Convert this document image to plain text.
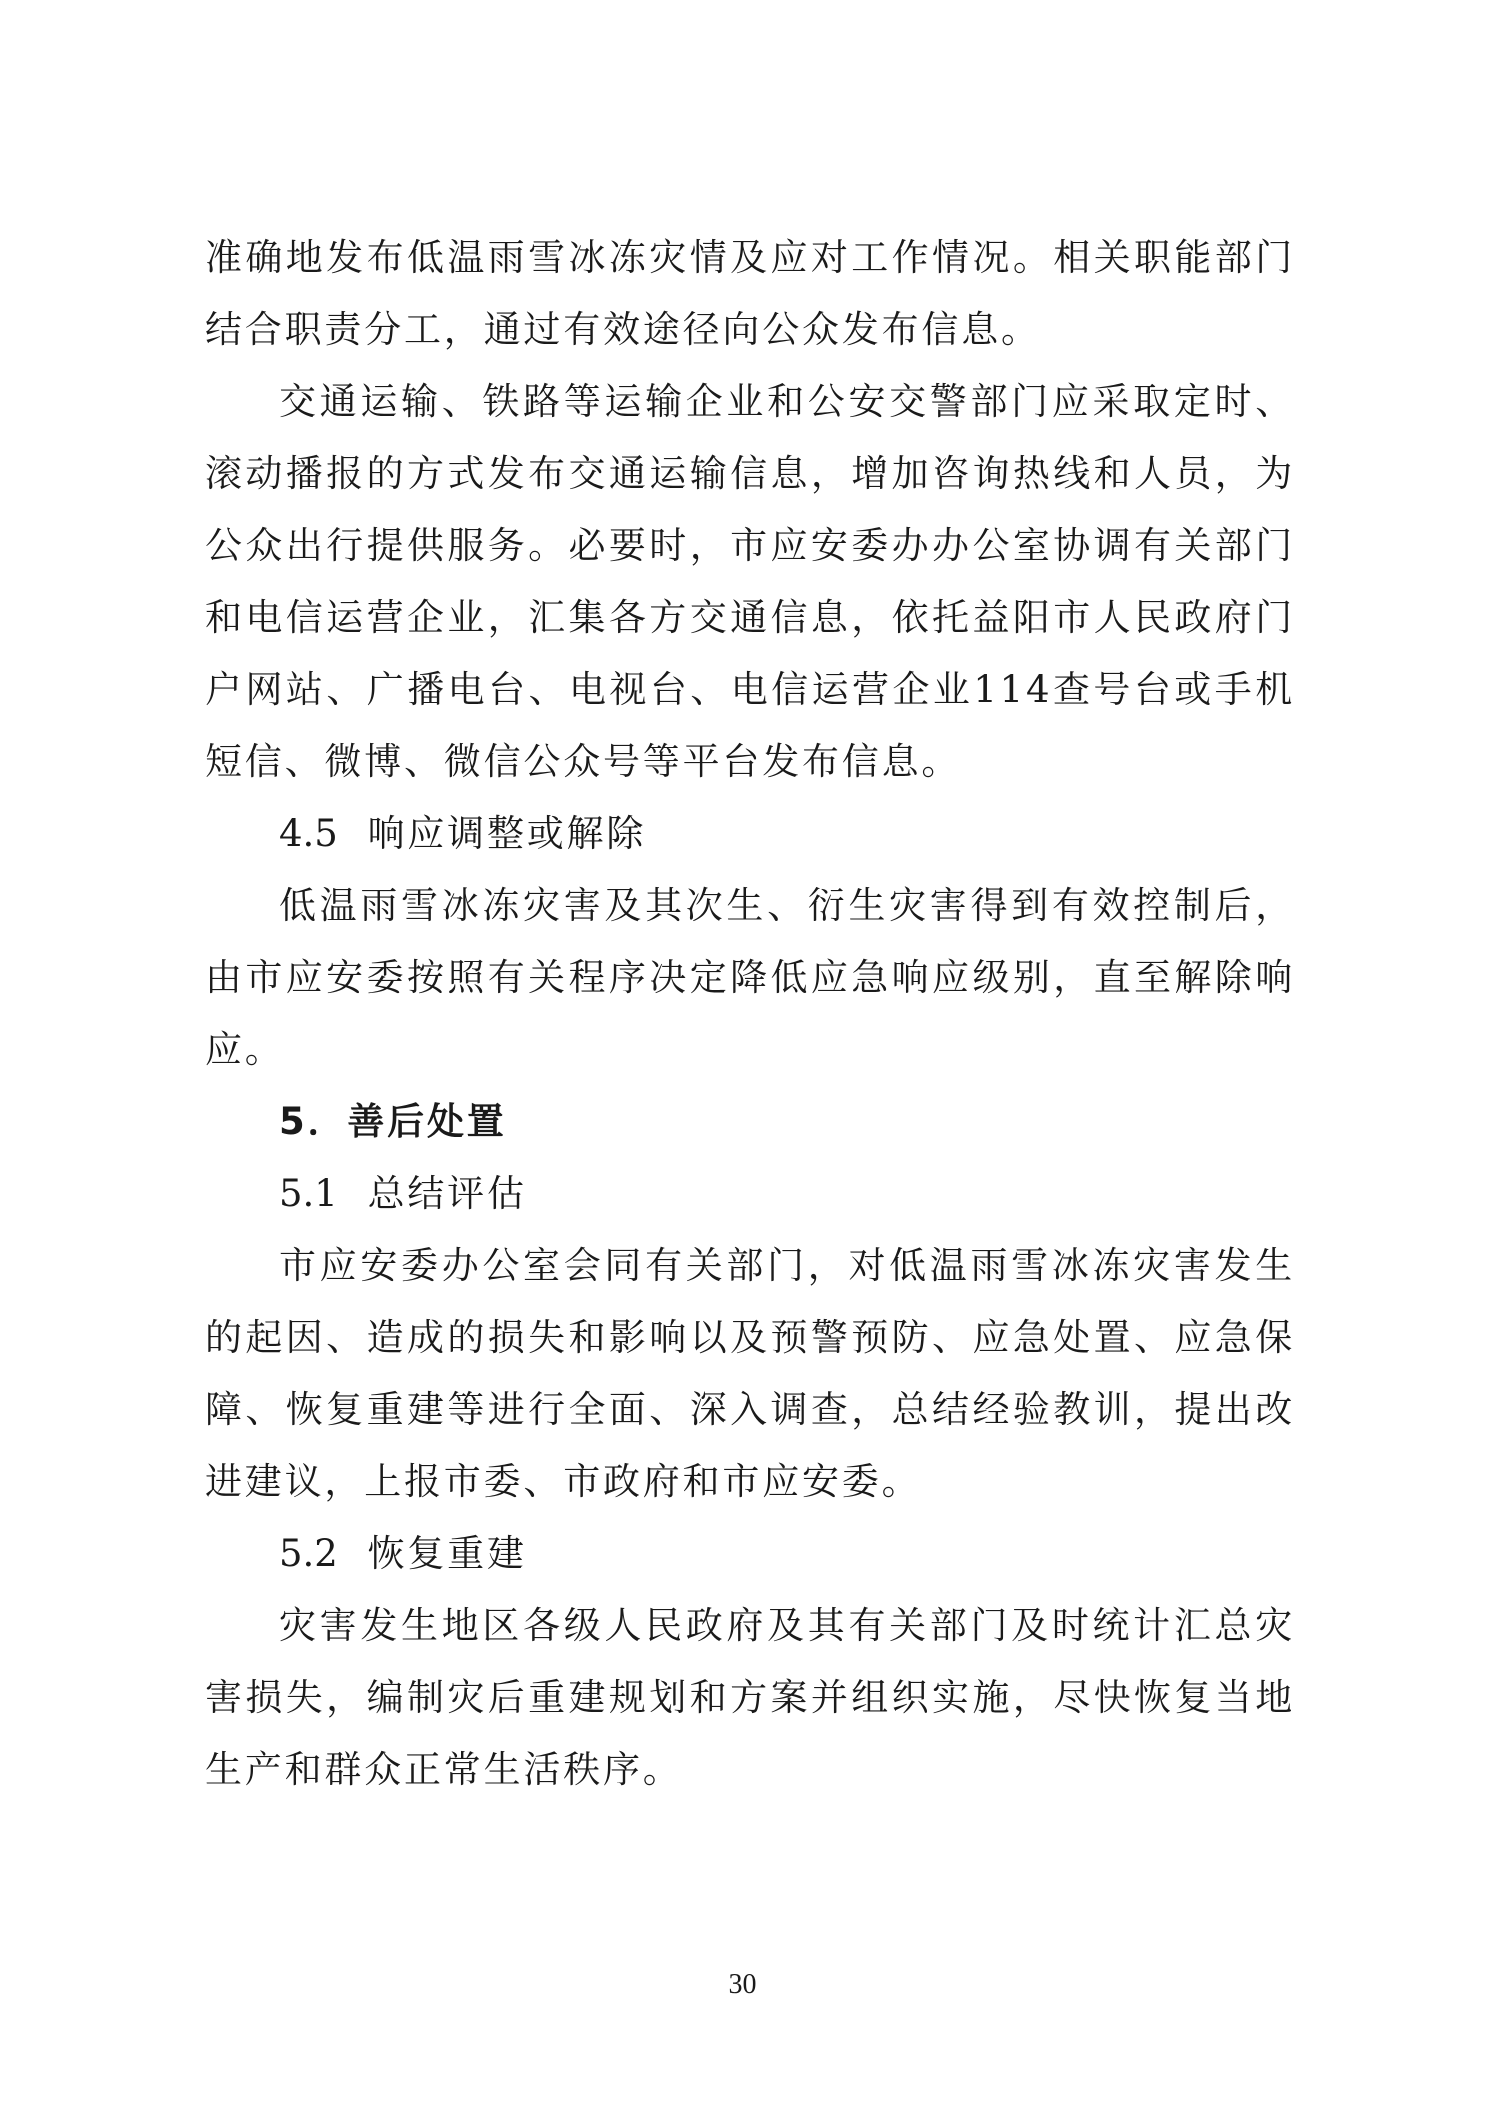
准确地发布低温雨雪冰冻灾情及应对工作情况。相关职能部门结合职责分工，通过有效途径向公众发布信息。

交通运输、铁路等运输企业和公安交警部门应采取定时、滚动播报的方式发布交通运输信息，增加咨询热线和人员，为公众出行提供服务。必要时，市应安委办办公室协调有关部门和电信运营企业，汇集各方交通信息，依托益阳市人民政府门户网站、广播电台、电视台、电信运营企业114查号台或手机短信、微博、微信公众号等平台发布信息。

4.5 响应调整或解除

低温雨雪冰冻灾害及其次生、衍生灾害得到有效控制后，由市应安委按照有关程序决定降低应急响应级别，直至解除响应。

5．善后处置
5.1 总结评估

市应安委办公室会同有关部门，对低温雨雪冰冻灾害发生的起因、造成的损失和影响以及预警预防、应急处置、应急保障、恢复重建等进行全面、深入调查，总结经验教训，提出改进建议，上报市委、市政府和市应安委。

5.2 恢复重建

灾害发生地区各级人民政府及其有关部门及时统计汇总灾害损失，编制灾后重建规划和方案并组织实施，尽快恢复当地生产和群众正常生活秩序。

30
